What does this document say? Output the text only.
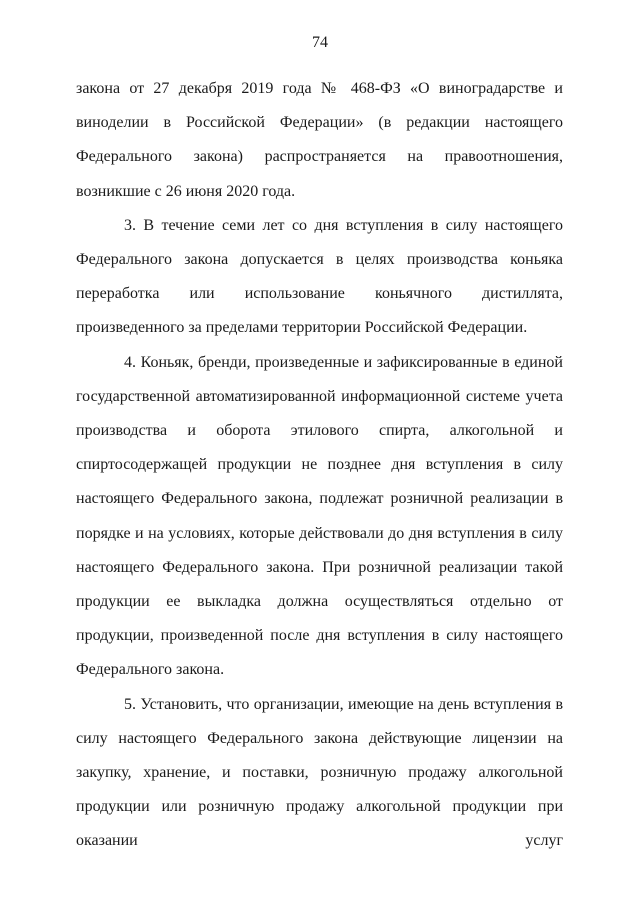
74

закона от 27 декабря 2019 года № 468-ФЗ «О виноградарстве и виноделии в Российской Федерации» (в редакции настоящего Федерального закона) распространяется на правоотношения, возникшие с 26 июня 2020 года.

3. В течение семи лет со дня вступления в силу настоящего Федерального закона допускается в целях производства коньяка переработка или использование коньячного дистиллята, произведенного за пределами территории Российской Федерации.

4. Коньяк, бренди, произведенные и зафиксированные в единой государственной автоматизированной информационной системе учета производства и оборота этилового спирта, алкогольной и спиртосодержащей продукции не позднее дня вступления в силу настоящего Федерального закона, подлежат розничной реализации в порядке и на условиях, которые действовали до дня вступления в силу настоящего Федерального закона. При розничной реализации такой продукции ее выкладка должна осуществляться отдельно от продукции, произведенной после дня вступления в силу настоящего Федерального закона.

5. Установить, что организации, имеющие на день вступления в силу настоящего Федерального закона действующие лицензии на закупку, хранение, и поставки, розничную продажу алкогольной продукции или розничную продажу алкогольной продукции при оказании услуг
